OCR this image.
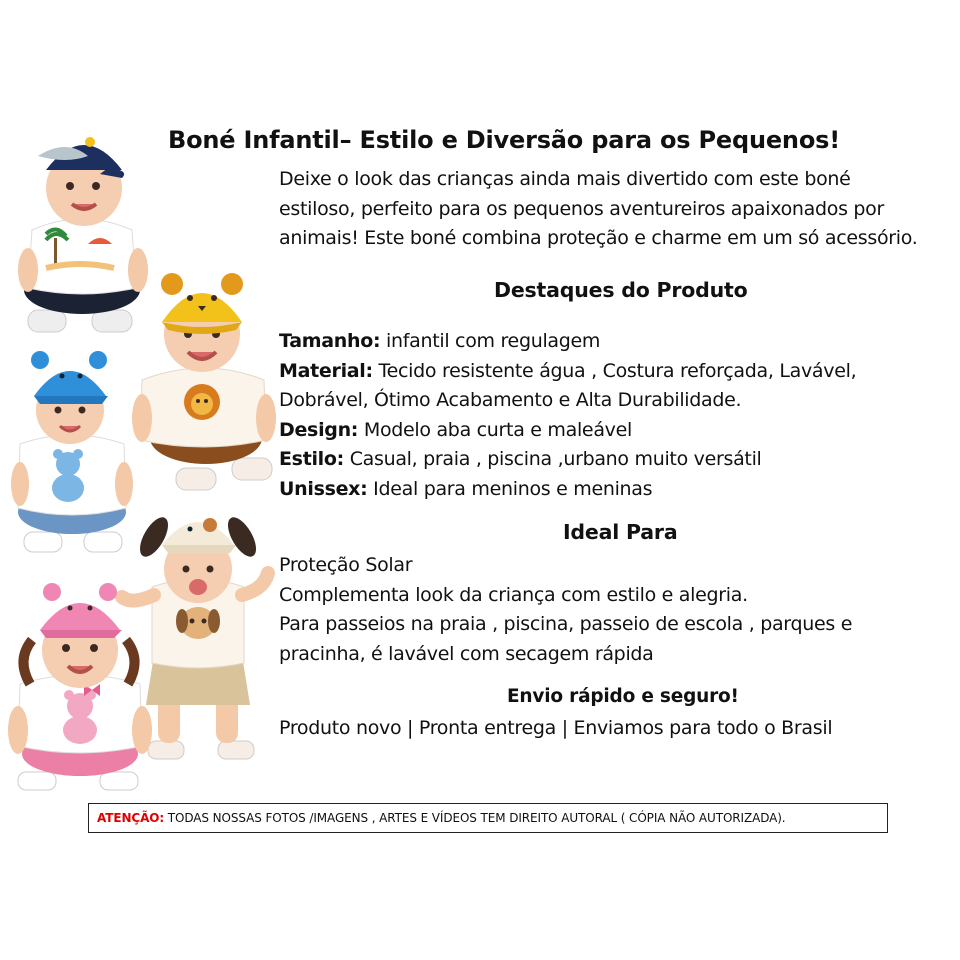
Boné Infantil– Estilo e Diversão para os Pequenos!
Deixe o look das crianças ainda mais divertido com este boné
estiloso, perfeito para os pequenos aventureiros apaixonados por
animais! Este boné combina proteção e charme em um só acessório.
Destaques do Produto
Tamanho: infantil com regulagem
Material: Tecido resistente água , Costura reforçada, Lavável,
Dobrável, Ótimo Acabamento e Alta Durabilidade.
Design: Modelo aba curta e maleável
Estilo: Casual, praia , piscina ,urbano muito versátil
Unissex: Ideal para meninos e meninas
Ideal Para
Proteção Solar
Complementa look da criança com estilo e alegria.
Para passeios na praia , piscina, passeio de escola , parques e
pracinha, é lavável com secagem rápida
Envio rápido e seguro!
Produto novo | Pronta entrega | Enviamos para todo o Brasil
ATENÇÃO: TODAS NOSSAS FOTOS /IMAGENS , ARTES E VÍDEOS TEM DIREITO AUTORAL ( CÓPIA NÃO AUTORIZADA).
